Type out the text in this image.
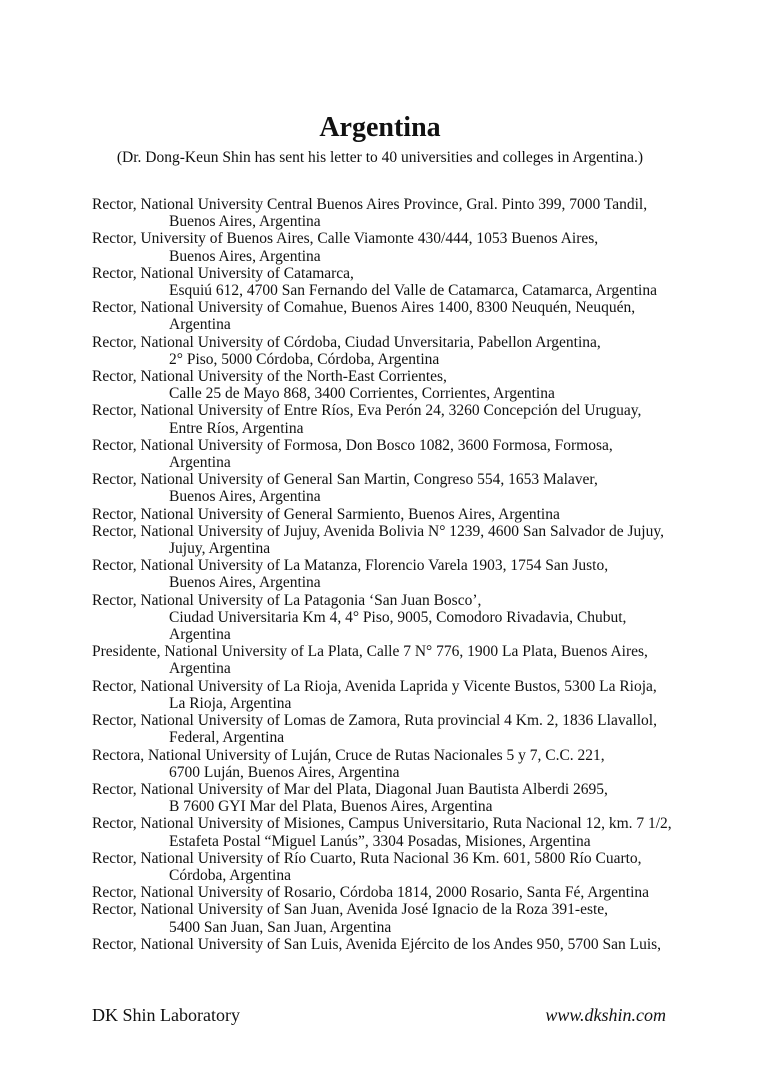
Argentina
(Dr. Dong-Keun Shin has sent his letter to 40 universities and colleges in Argentina.)
Rector, National University Central Buenos Aires Province, Gral. Pinto 399, 7000 Tandil,
Buenos Aires, Argentina
Rector, University of Buenos Aires, Calle Viamonte 430/444, 1053 Buenos Aires,
Buenos Aires, Argentina
Rector, National University of Catamarca,
Esquiú 612, 4700 San Fernando del Valle de Catamarca, Catamarca, Argentina
Rector, National University of Comahue, Buenos Aires 1400, 8300 Neuquén, Neuquén,
Argentina
Rector, National University of Córdoba, Ciudad Unversitaria, Pabellon Argentina,
2° Piso, 5000 Córdoba, Córdoba, Argentina
Rector, National University of the North-East Corrientes,
Calle 25 de Mayo 868, 3400 Corrientes, Corrientes, Argentina
Rector, National University of Entre Ríos, Eva Perón 24, 3260 Concepción del Uruguay,
Entre Ríos, Argentina
Rector, National University of Formosa, Don Bosco 1082, 3600 Formosa, Formosa,
Argentina
Rector, National University of General San Martin, Congreso 554, 1653 Malaver,
Buenos Aires, Argentina
Rector, National University of General Sarmiento, Buenos Aires, Argentina
Rector, National University of Jujuy, Avenida Bolivia N° 1239, 4600 San Salvador de Jujuy,
Jujuy, Argentina
Rector, National University of La Matanza, Florencio Varela 1903, 1754 San Justo,
Buenos Aires, Argentina
Rector, National University of La Patagonia ‘San Juan Bosco’,
Ciudad Universitaria Km 4, 4° Piso, 9005, Comodoro Rivadavia, Chubut,
Argentina
Presidente, National University of La Plata, Calle 7 N° 776, 1900 La Plata, Buenos Aires,
Argentina
Rector, National University of La Rioja, Avenida Laprida y Vicente Bustos, 5300 La Rioja,
La Rioja, Argentina
Rector, National University of Lomas de Zamora, Ruta provincial 4 Km. 2, 1836 Llavallol,
Federal, Argentina
Rectora, National University of Luján, Cruce de Rutas Nacionales 5 y 7, C.C. 221,
6700 Luján, Buenos Aires, Argentina
Rector, National University of Mar del Plata, Diagonal Juan Bautista Alberdi 2695,
B 7600 GYI Mar del Plata, Buenos Aires, Argentina
Rector, National University of Misiones, Campus Universitario, Ruta Nacional 12, km. 7 1/2,
Estafeta Postal “Miguel Lanús”, 3304 Posadas, Misiones, Argentina
Rector, National University of Río Cuarto, Ruta Nacional 36 Km. 601, 5800 Río Cuarto,
Córdoba, Argentina
Rector, National University of Rosario, Córdoba 1814, 2000 Rosario, Santa Fé, Argentina
Rector, National University of San Juan, Avenida José Ignacio de la Roza 391-este,
5400 San Juan, San Juan, Argentina
Rector, National University of San Luis, Avenida Ejército de los Andes 950, 5700 San Luis,
DK Shin Laboratory	www.dkshin.com
